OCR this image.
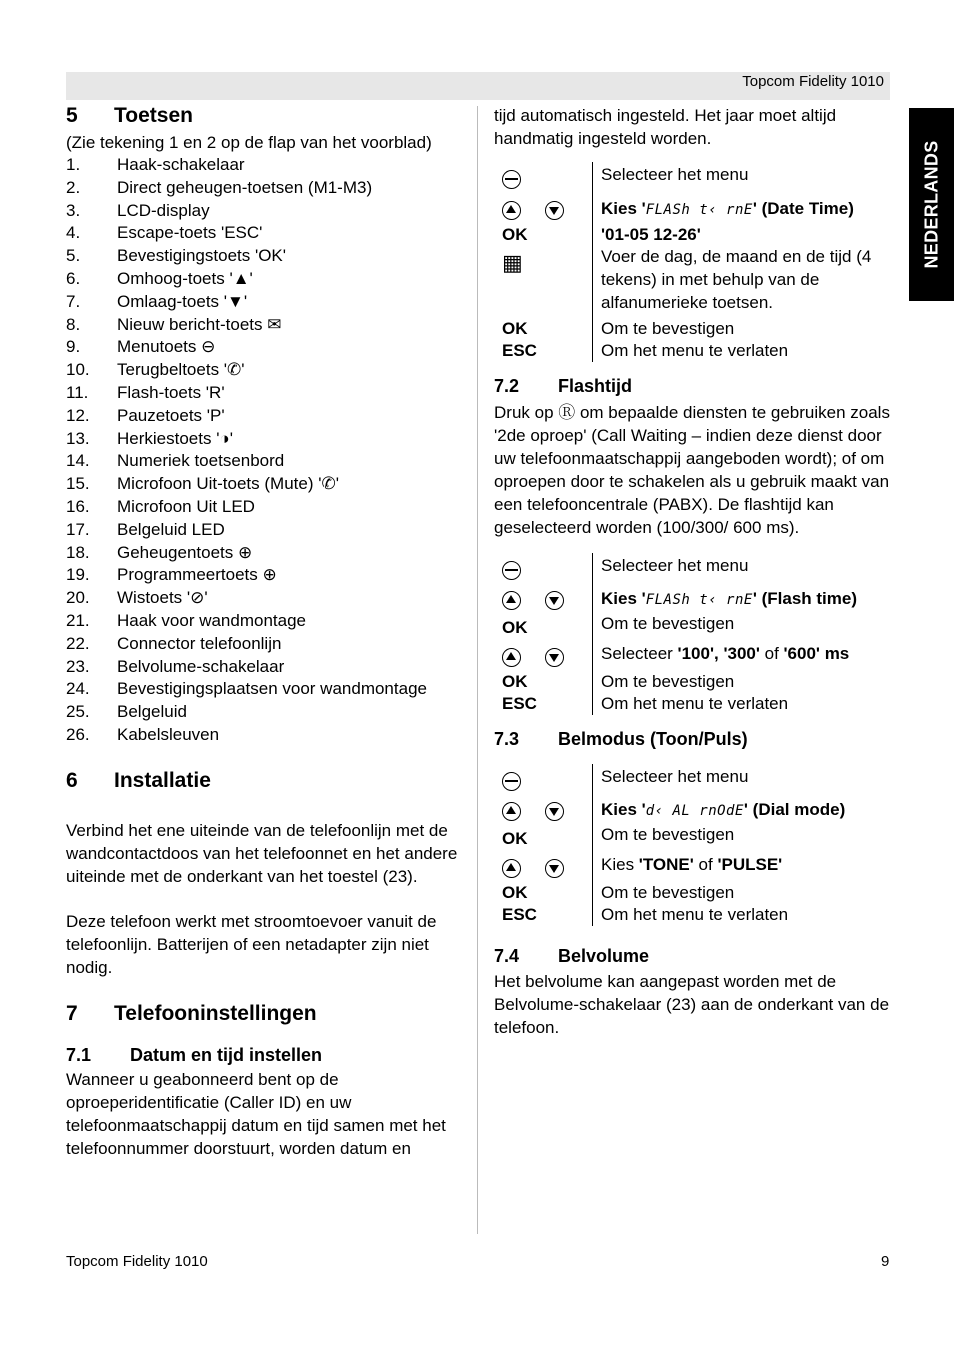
Topcom Fidelity 1010
NEDERLANDS
5	Toetsen

(Zie tekening 1 en 2 op de flap van het voorblad)

1.	Haak-schakelaar
2.	Direct geheugen-toetsen (M1-M3)
3.	LCD-display
4.	Escape-toets 'ESC'
5.	Bevestigingstoets 'OK'
6.	Omhoog-toets '▲'
7.	Omlaag-toets '▼'
8.	Nieuw bericht-toets ✉
9.	Menutoets ⊖
10.	Terugbeltoets '✆'
11.	Flash-toets 'R'
12.	Pauzetoets 'P'
13.	Herkiestoets '◑'
14.	Numeriek toetsenbord
15.	Microfoon Uit-toets (Mute) '✆'
16.	Microfoon Uit LED
17.	Belgeluid LED
18.	Geheugentoets ⊕
19.	Programmeertoets ⊕
20.	Wistoets '⊘'
21.	Haak voor wandmontage
22.	Connector telefoonlijn
23.	Belvolume-schakelaar
24.	Bevestigingsplaatsen voor wandmontage
25.	Belgeluid
26.	Kabelsleuven
6	Installatie

Verbind het ene uiteinde van de telefoonlijn met de wandcontactdoos van het telefoonnet en het andere uiteinde met de onderkant van het toestel (23).

Deze telefoon werkt met stroomtoevoer vanuit de telefoonlijn. Batterijen of een netadapter zijn niet nodig.

7	Telefooninstellingen
7.1	Datum en tijd instellen

Wanneer u geabonneerd bent op de oproeperidentificatie (Caller ID) en uw telefoonmaatschappij datum en tijd samen met het telefoonnummer doorstuurt, worden datum en

tijd automatisch ingesteld. Het jaar moet altijd handmatig ingesteld worden.

Selecteer het menu
Kies 'FLASh t‹ rnE' (Date Time)
OK	'01-05 12-26'
▦	Voer de dag, de maand en de tijd (4 tekens) in met behulp van de alfanumerieke toetsen.
OK	Om te bevestigen
ESC	Om het menu te verlaten
7.2	Flashtijd

Druk op Ⓡ om bepaalde diensten te gebruiken zoals '2de oproep' (Call Waiting – indien deze dienst door uw telefoonmaatschappij aangeboden wordt); of om oproepen door te schakelen als u gebruik maakt van een telefooncentrale (PABX). De flashtijd kan geselecteerd worden (100/300/ 600 ms).

Selecteer het menu
Kies 'FLASh t‹ rnE' (Flash time)
OK	Om te bevestigen
Selecteer '100', '300' of '600' ms
OK	Om te bevestigen
ESC	Om het menu te verlaten
7.3	Belmodus (Toon/Puls)
Selecteer het menu
Kies 'd‹ AL rnOdE' (Dial mode)
OK	Om te bevestigen
Kies 'TONE' of 'PULSE'
OK	Om te bevestigen
ESC	Om het menu te verlaten
7.4	Belvolume

Het belvolume kan aangepast worden met de Belvolume-schakelaar (23) aan de onderkant van de telefoon.

Topcom Fidelity 1010	9
